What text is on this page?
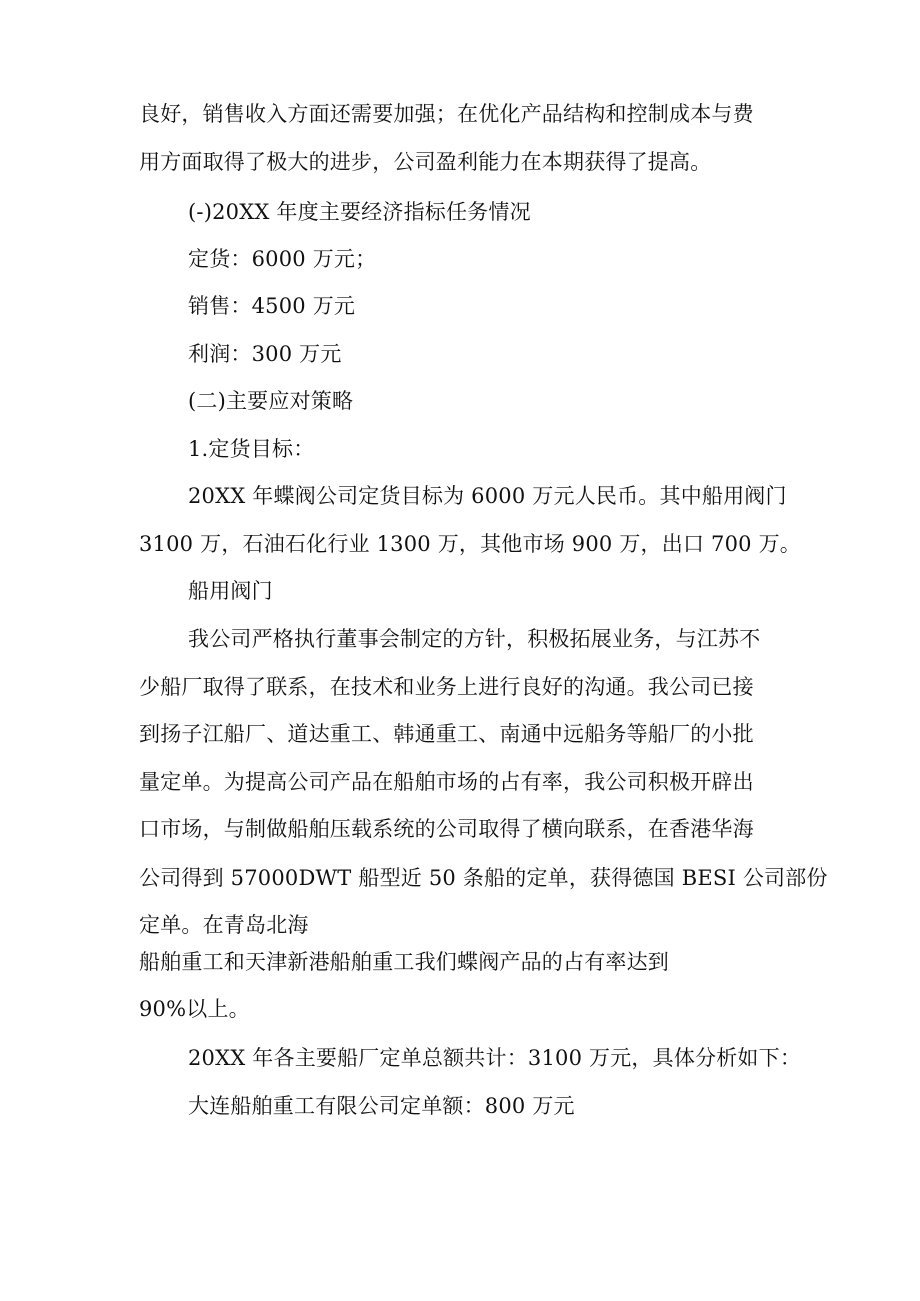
良好，销售收入方面还需要加强；在优化产品结构和控制成本与费
用方面取得了极大的进步，公司盈利能力在本期获得了提高。
(-)20XX 年度主要经济指标任务情况
定货：6000 万元；
销售：4500 万元
利润：300 万元
(二)主要应对策略
1.定货目标：
20XX 年蝶阀公司定货目标为 6000 万元人民币。其中船用阀门
3100 万，石油石化行业 1300 万，其他市场 900 万，出口 700 万。
船用阀门
我公司严格执行董事会制定的方针，积极拓展业务，与江苏不
少船厂取得了联系，在技术和业务上进行良好的沟通。我公司已接
到扬子江船厂、道达重工、韩通重工、南通中远船务等船厂的小批
量定单。为提高公司产品在船舶市场的占有率，我公司积极开辟出
口市场，与制做船舶压载系统的公司取得了横向联系，在香港华海
公司得到 57000DWT 船型近 50 条船的定单，获得德国 BESI 公司部份
定单。在青岛北海
船舶重工和天津新港船舶重工我们蝶阀产品的占有率达到
90%以上。
20XX 年各主要船厂定单总额共计：3100 万元，具体分析如下：
大连船舶重工有限公司定单额：800 万元
